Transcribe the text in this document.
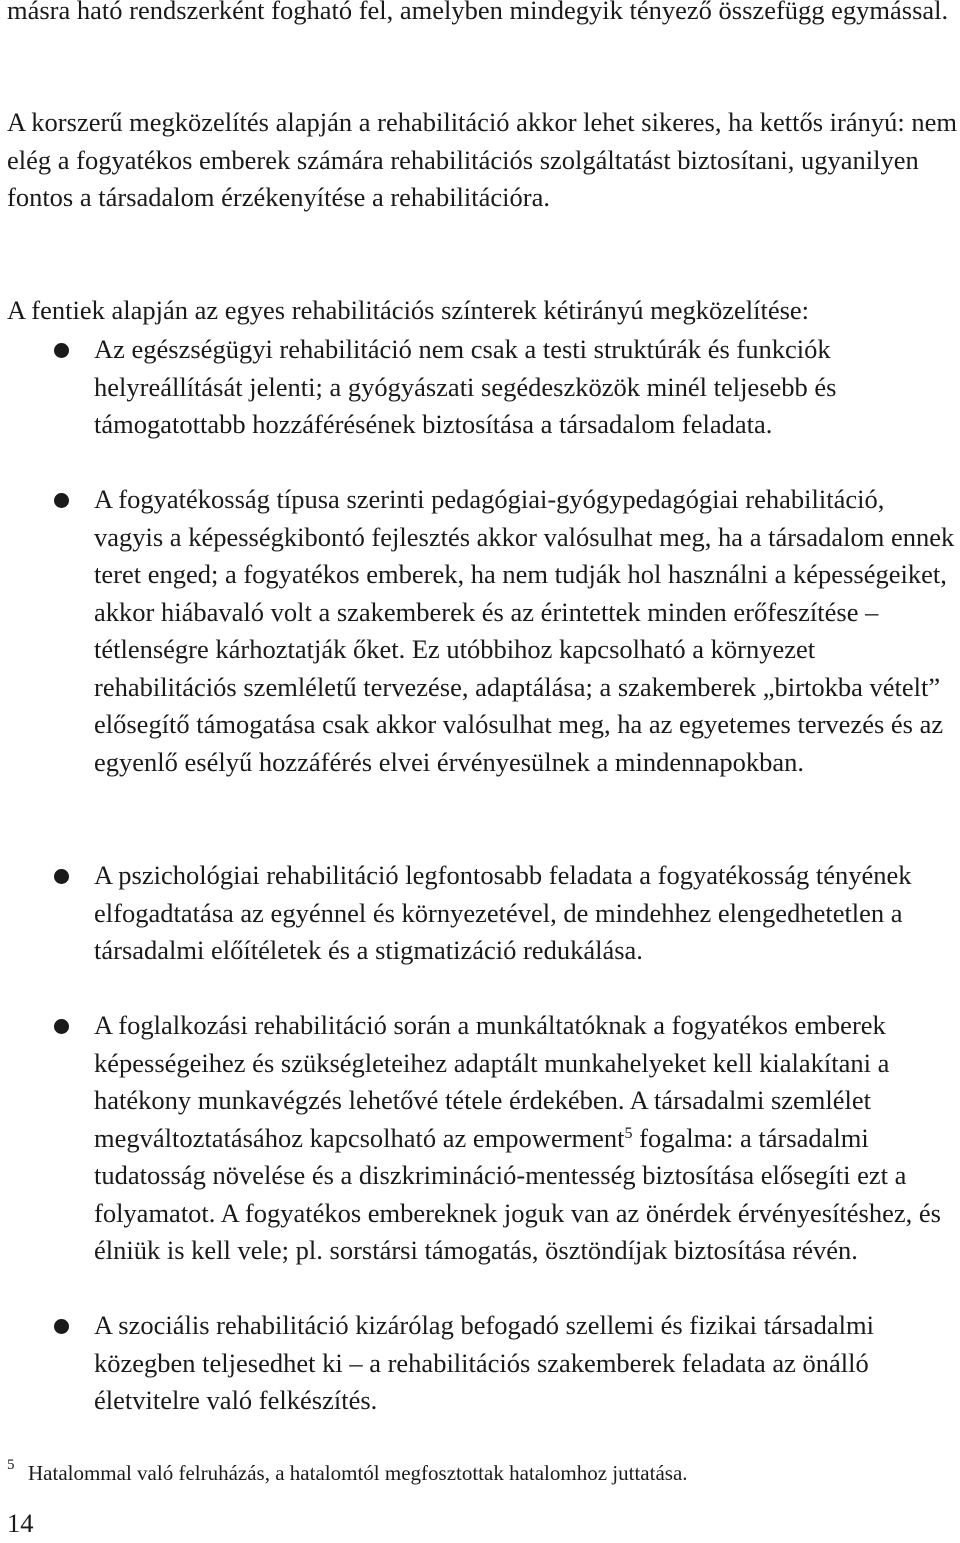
másra ható rendszerként fogható fel, amelyben mindegyik tényező összefügg egymással.

A korszerű megközelítés alapján a rehabilitáció akkor lehet sikeres, ha kettős irányú: nem elég a fogyatékos emberek számára rehabilitációs szolgáltatást biztosítani, ugyanilyen fontos a társadalom érzékenyítése a rehabilitációra.

A fentiek alapján az egyes rehabilitációs színterek kétirányú megközelítése:

Az egészségügyi rehabilitáció nem csak a testi struktúrák és funkciók helyreállítását jelenti; a gyógyászati segédeszközök minél teljesebb és támogatottabb hozzáférésének biztosítása a társadalom feladata.

A fogyatékosság típusa szerinti pedagógiai-gyógypedagógiai rehabilitáció, vagyis a képességkibontó fejlesztés akkor valósulhat meg, ha a társadalom ennek teret enged; a fogyatékos emberek, ha nem tudják hol használni a képességeiket, akkor hiábavaló volt a szakemberek és az érintettek minden erőfeszítése – tétlenségre kárhoztatják őket. Ez utóbbihoz kapcsolható a környezet rehabilitációs szemléletű tervezése, adaptálása; a szakemberek „birtokba vételt” elősegítő támogatása csak akkor valósulhat meg, ha az egyetemes tervezés és az egyenlő esélyű hozzáférés elvei érvényesülnek a mindennapokban.

A pszichológiai rehabilitáció legfontosabb feladata a fogyatékosság tényének elfogadtatása az egyénnel és környezetével, de mindehhez elengedhetetlen a társadalmi előítéletek és a stigmatizáció redukálása.

A foglalkozási rehabilitáció során a munkáltatóknak a fogyatékos emberek képességeihez és szükségleteihez adaptált munkahelyeket kell kialakítani a hatékony munkavégzés lehetővé tétele érdekében. A társadalmi szemlélet megváltoztatásához kapcsolható az empowerment$^5$ fogalma: a társadalmi tudatosság növelése és a diszkrimináció-mentesség biztosítása elősegíti ezt a folyamatot. A fogyatékos embereknek joguk van az önérdek érvényesítéshez, és élniük is kell vele; pl. sorstársi támogatás, ösztöndíjak biztosítása révén.

A szociális rehabilitáció kizárólag befogadó szellemi és fizikai társadalmi közegben teljesedhet ki – a rehabilitációs szakemberek feladata az önálló életvitelre való felkészítés.

5 Hatalommal való felruházás, a hatalomtól megfosztottak hatalomhoz juttatása.

14
